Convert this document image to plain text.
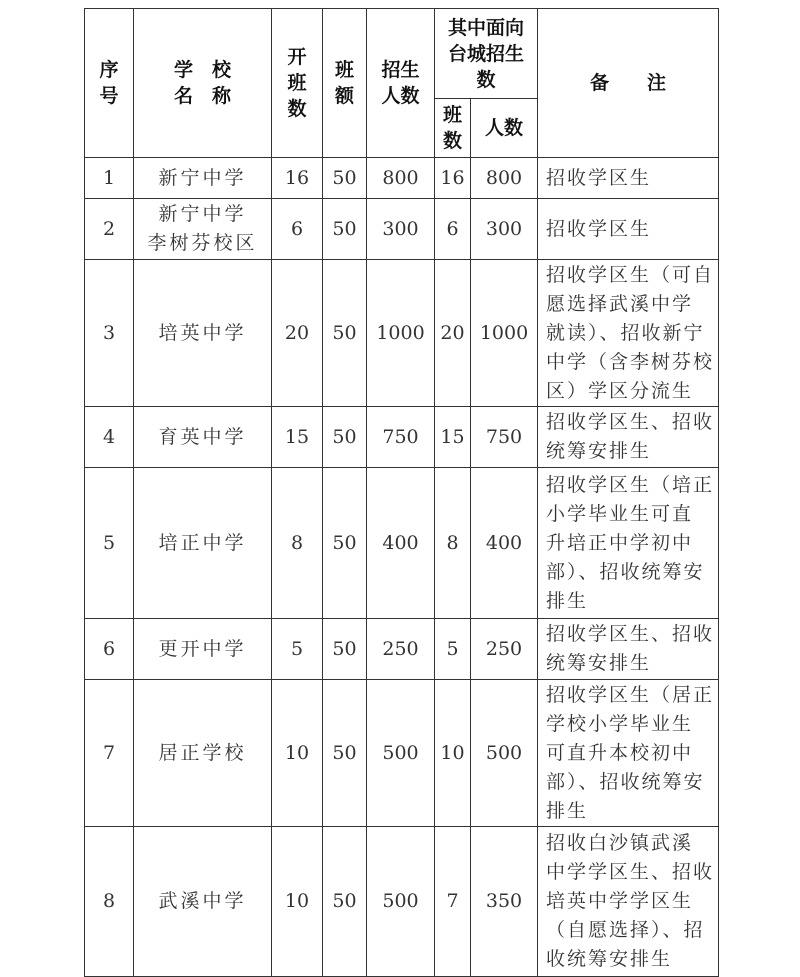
序
号	学　校
名　称	开
班
数	班
额	招生
人数	其中面向
台城招生
数		备　　注

					班
数	人数	
1	新宁中学	16	50	800	16	800	招收学区生

2	新宁中学
李树芬校区	6	50	300	6	300	招收学区生

3	培英中学	20	50	1000	20	1000	招收学区生（可自
愿选择武溪中学
就读）、招收新宁
中学（含李树芬校
区）学区分流生

4	育英中学	15	50	750	15	750	招收学区生、招收
统筹安排生

5	培正中学	8	50	400	8	400	招收学区生（培正
小学毕业生可直
升培正中学初中
部）、招收统筹安
排生

6	更开中学	5	50	250	5	250	招收学区生、招收
统筹安排生

7	居正学校	10	50	500	10	500	招收学区生（居正
学校小学毕业生
可直升本校初中
部）、招收统筹安
排生

8	武溪中学	10	50	500	7	350	招收白沙镇武溪
中学学区生、招收
培英中学学区生
（自愿选择）、招
收统筹安排生
